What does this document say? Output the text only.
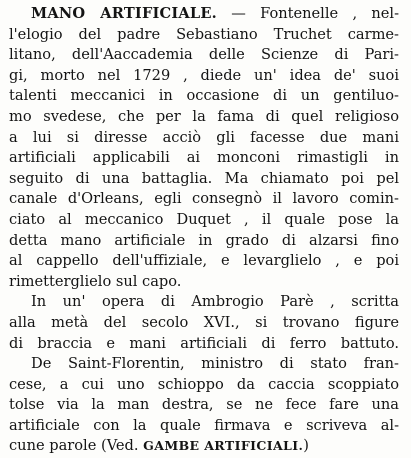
MANO ARTIFICIALE. — Fontenelle , nel-
l'elogio del padre Sebastiano Truchet carme-
litano, dell'Aaccademia delle Scienze di Pari-
gi, morto nel 1729 , diede un' idea de' suoi
talenti meccanici in occasione di un gentiluo-
mo svedese, che per la fama di quel religioso
a lui si diresse acciò gli facesse due mani
artificiali applicabili ai monconi rimastigli in
seguito di una battaglia. Ma chiamato poi pel
canale d'Orleans, egli consegnò il lavoro comin-
ciato al meccanico Duquet , il quale pose la
detta mano artificiale in grado di alzarsi fino
al cappello dell'uffiziale, e levarglielo , e poi
rimetterglielo sul capo.
In un' opera di Ambrogio Parè , scritta
alla metà del secolo XVI., si trovano figure
di braccia e mani artificiali di ferro battuto.
De Saint-Florentin, ministro di stato fran-
cese, a cui uno schioppo da caccia scoppiato
tolse via la man destra, se ne fece fare una
artificiale con la quale firmava e scriveva al-
cune parole (Ved. GAMBE ARTIFICIALI.)
